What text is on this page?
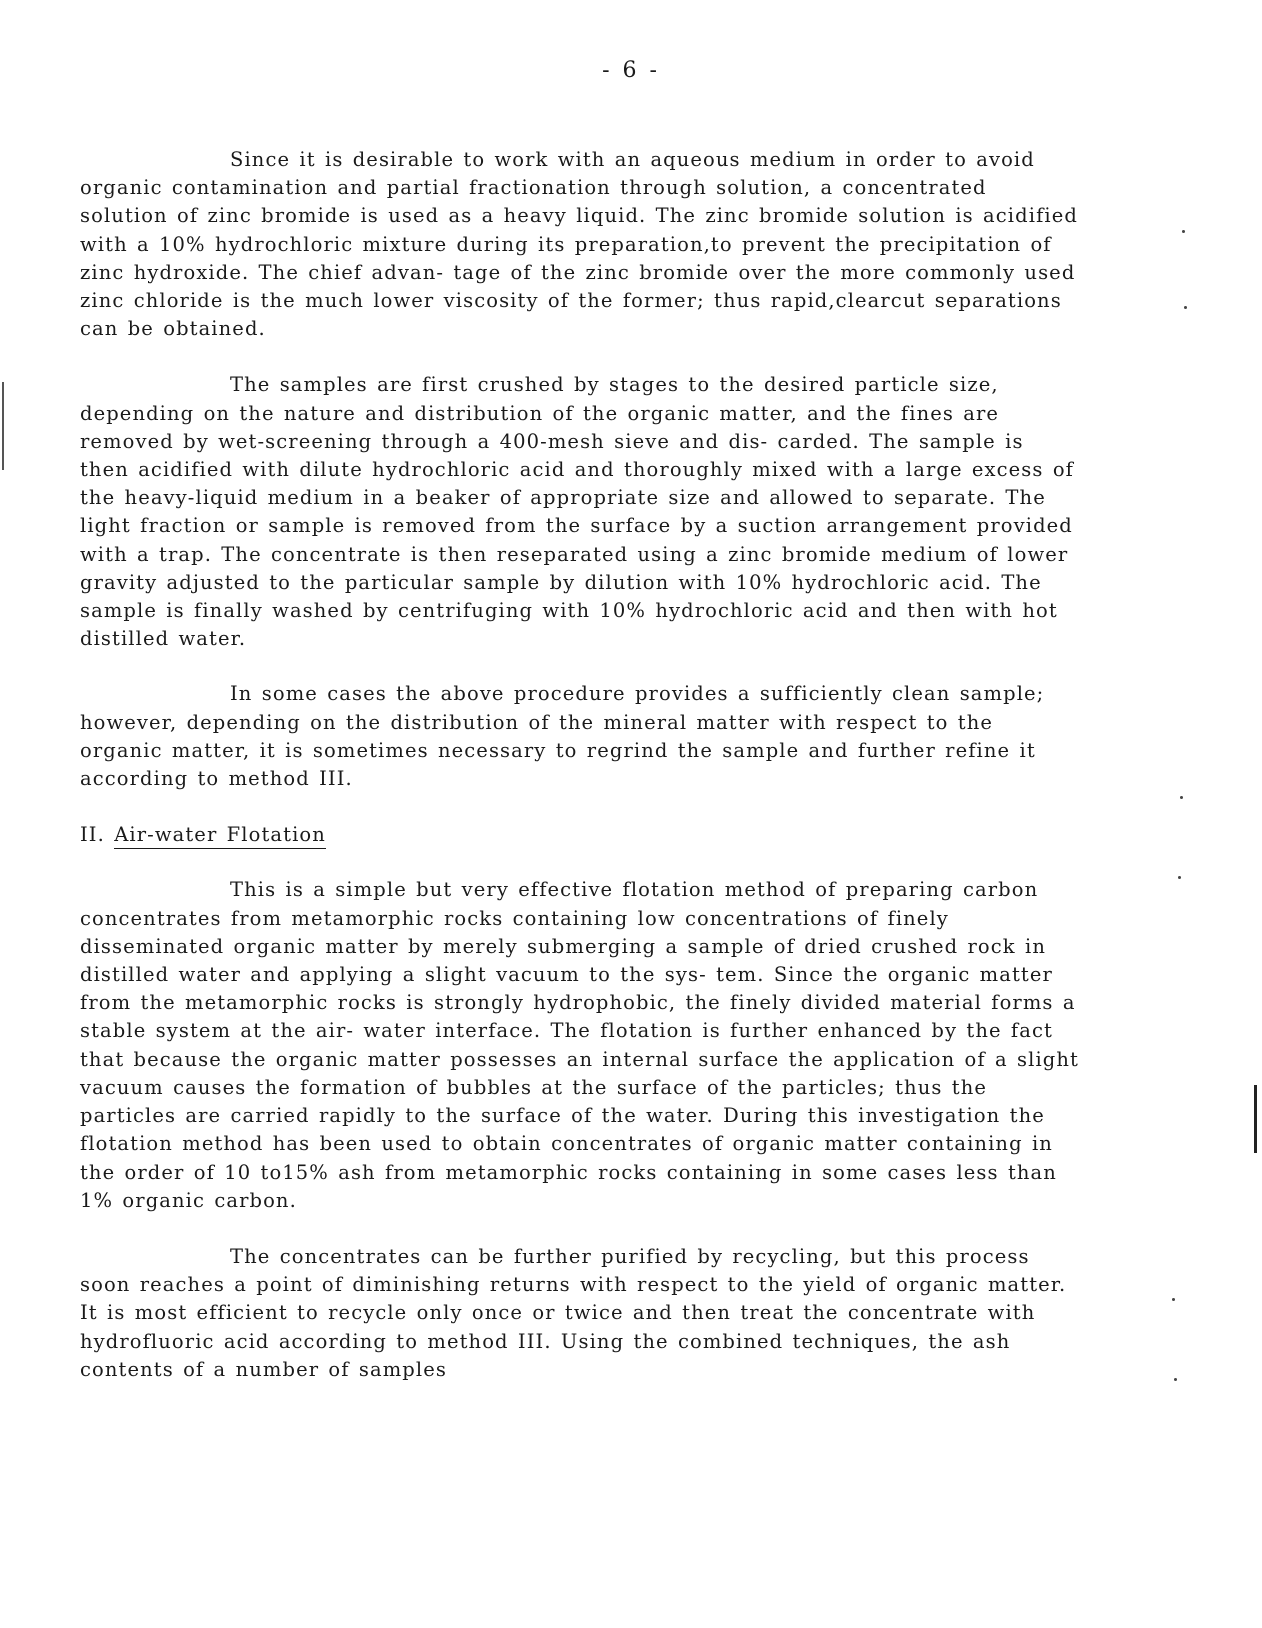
- 6 -

Since it is desirable to work with an aqueous medium in order to avoid organic contamination and partial fractionation through solution, a concentrated solution of zinc bromide is used as a heavy liquid. The zinc bromide solution is acidified with a 10% hydrochloric mixture during its preparation,to prevent the precipitation of zinc hydroxide. The chief advan- tage of the zinc bromide over the more commonly used zinc chloride is the much lower viscosity of the former; thus rapid,clearcut separations can be obtained.

The samples are first crushed by stages to the desired particle size, depending on the nature and distribution of the organic matter, and the fines are removed by wet-screening through a 400-mesh sieve and dis- carded. The sample is then acidified with dilute hydrochloric acid and thoroughly mixed with a large excess of the heavy-liquid medium in a beaker of appropriate size and allowed to separate. The light fraction or sample is removed from the surface by a suction arrangement provided with a trap. The concentrate is then reseparated using a zinc bromide medium of lower gravity adjusted to the particular sample by dilution with 10% hydrochloric acid. The sample is finally washed by centrifuging with 10% hydrochloric acid and then with hot distilled water.

In some cases the above procedure provides a sufficiently clean sample; however, depending on the distribution of the mineral matter with respect to the organic matter, it is sometimes necessary to regrind the sample and further refine it according to method III.

II. Air-water Flotation

This is a simple but very effective flotation method of preparing carbon concentrates from metamorphic rocks containing low concentrations of finely disseminated organic matter by merely submerging a sample of dried crushed rock in distilled water and applying a slight vacuum to the sys- tem. Since the organic matter from the metamorphic rocks is strongly hydrophobic, the finely divided material forms a stable system at the air- water interface. The flotation is further enhanced by the fact that because the organic matter possesses an internal surface the application of a slight vacuum causes the formation of bubbles at the surface of the particles; thus the particles are carried rapidly to the surface of the water. During this investigation the flotation method has been used to obtain concentrates of organic matter containing in the order of 10 to15% ash from metamorphic rocks containing in some cases less than 1% organic carbon.

The concentrates can be further purified by recycling, but this process soon reaches a point of diminishing returns with respect to the yield of organic matter. It is most efficient to recycle only once or twice and then treat the concentrate with hydrofluoric acid according to method III. Using the combined techniques, the ash contents of a number of samples
